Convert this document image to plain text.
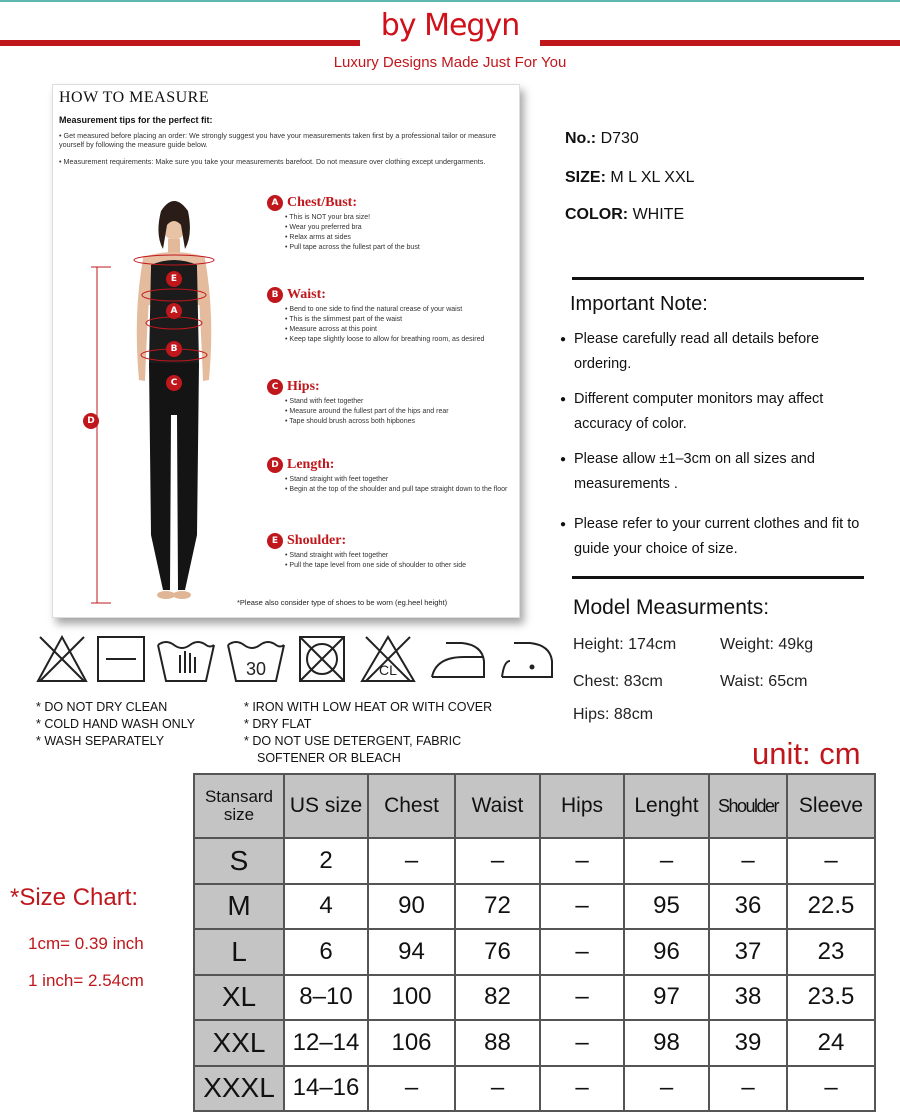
by Megyn
Luxury Designs Made Just For You
HOW TO MEASURE
Measurement tips for the perfect fit:
• Get measured before placing an order: We strongly suggest you have your measurements taken first by a professional tailor or measure yourself by following the measure guide below.
• Measurement requirements: Make sure you take your measurements barefoot. Do not measure over clothing except undergarments.
E
A
B
C
D
A Chest/Bust:
• This is NOT your bra size!
• Wear you preferred bra
• Relax arms at sides
• Pull tape across the fullest part of the bust
B Waist:
• Bend to one side to find the natural crease of your waist
• This is the slimmest part of the waist
• Measure across at this point
• Keep tape slightly loose to allow for breathing room, as desired
C Hips:
• Stand with feet together
• Measure around the fullest part of the hips and rear
• Tape should brush across both hipbones
D Length:
• Stand straight with feet together
• Begin at the top of the shoulder and pull tape straight down to the floor
E Shoulder:
• Stand straight with feet together
• Pull the tape level from one side of shoulder to other side
*Please also consider type of shoes to be worn (eg.heel height)
No.: D730
SIZE: M L XL XXL
COLOR: WHITE
Important Note:
● Please carefully read all details before ordering.
● Different computer monitors may affect accuracy of color.
● Please allow ±1–3cm on all sizes and measurements .
● Please refer to your current clothes and fit to guide your choice of size.
Model Measurments:
Height: 174cm	Weight: 49kg
Chest: 83cm	Waist: 65cm
Hips: 88cm
30	CL
* DO NOT DRY CLEAN
* COLD HAND WASH ONLY
* WASH SEPARATELY
* IRON WITH LOW HEAT OR WITH COVER
* DRY FLAT
* DO NOT USE DETERGENT, FABRIC
SOFTENER OR BLEACH	unit: cm
*Size Chart:
1cm= 0.39 inch
1 inch= 2.54cm
Stansard size	US size	Chest	Waist	Hips	Lenght	Shoulder	Sleeve
S	2	–	–	–	–	–	–
M	4	90	72	–	95	36	22.5
L	6	94	76	–	96	37	23
XL	8–10	100	82	–	97	38	23.5
XXL	12–14	106	88	–	98	39	24
XXXL	14–16	–	–	–	–	–	–
